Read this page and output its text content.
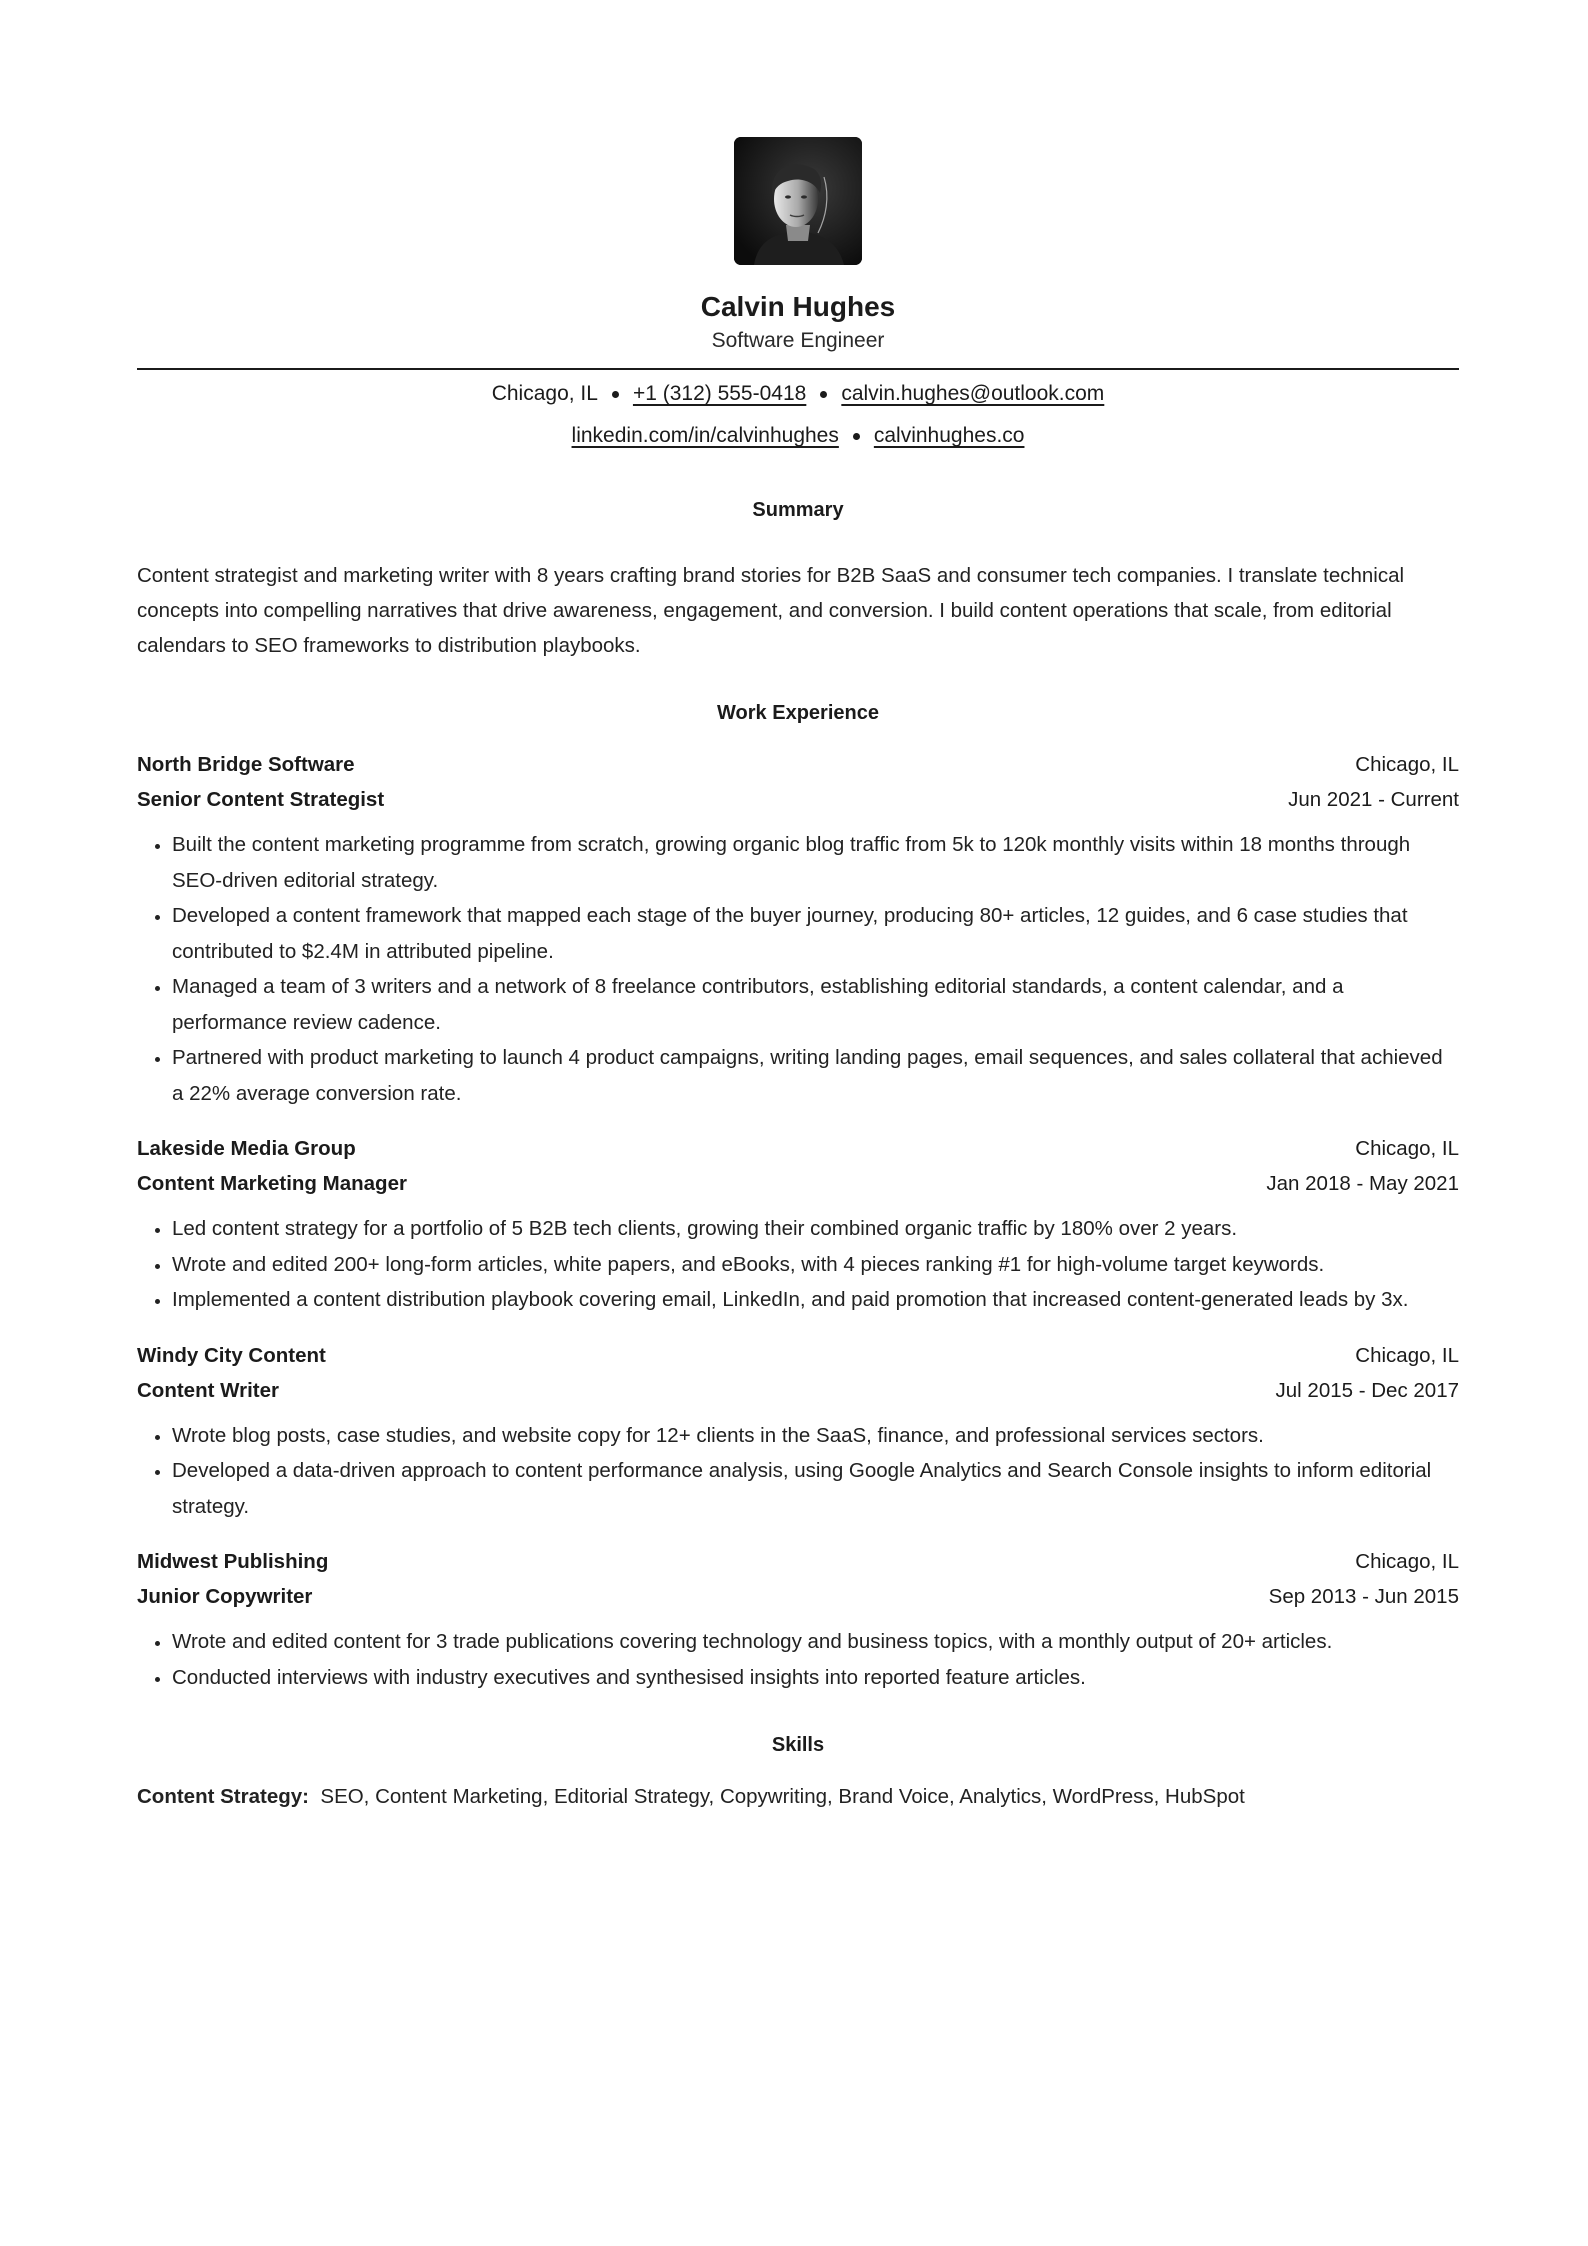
Calvin Hughes
Software Engineer
Chicago, IL +1 (312) 555-0418 calvin.hughes@outlook.com
linkedin.com/in/calvinhughes calvinhughes.co
Summary
Content strategist and marketing writer with 8 years crafting brand stories for B2B SaaS and consumer tech companies. I translate technical concepts into compelling narratives that drive awareness, engagement, and conversion. I build content operations that scale, from editorial calendars to SEO frameworks to distribution playbooks.
Work Experience
North Bridge Software	Chicago, IL
Senior Content Strategist	Jun 2021 - Current
• Built the content marketing programme from scratch, growing organic blog traffic from 5k to 120k monthly visits within 18 months through SEO-driven editorial strategy.
• Developed a content framework that mapped each stage of the buyer journey, producing 80+ articles, 12 guides, and 6 case studies that contributed to $2.4M in attributed pipeline.
• Managed a team of 3 writers and a network of 8 freelance contributors, establishing editorial standards, a content calendar, and a performance review cadence.
• Partnered with product marketing to launch 4 product campaigns, writing landing pages, email sequences, and sales collateral that achieved a 22% average conversion rate.
Lakeside Media Group	Chicago, IL
Content Marketing Manager	Jan 2018 - May 2021
• Led content strategy for a portfolio of 5 B2B tech clients, growing their combined organic traffic by 180% over 2 years.
• Wrote and edited 200+ long-form articles, white papers, and eBooks, with 4 pieces ranking #1 for high-volume target keywords.
• Implemented a content distribution playbook covering email, LinkedIn, and paid promotion that increased content-generated leads by 3x.
Windy City Content	Chicago, IL
Content Writer	Jul 2015 - Dec 2017
• Wrote blog posts, case studies, and website copy for 12+ clients in the SaaS, finance, and professional services sectors.
• Developed a data-driven approach to content performance analysis, using Google Analytics and Search Console insights to inform editorial strategy.
Midwest Publishing	Chicago, IL
Junior Copywriter	Sep 2013 - Jun 2015
• Wrote and edited content for 3 trade publications covering technology and business topics, with a monthly output of 20+ articles.
• Conducted interviews with industry executives and synthesised insights into reported feature articles.
Skills
Content Strategy: SEO, Content Marketing, Editorial Strategy, Copywriting, Brand Voice, Analytics, WordPress, HubSpot
